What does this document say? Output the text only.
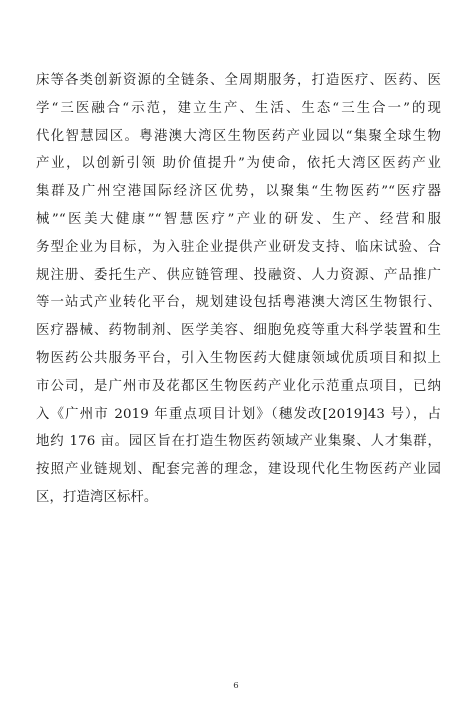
床等各类创新资源的全链条、全周期服务，打造医疗、医药、医
学“三医融合“示范，建立生产、生活、生态“三生合一”的现
代化智慧园区。粤港澳大湾区生物医药产业园以“集聚全球生物
产业，以创新引领 助价值提升”为使命，依托大湾区医药产业
集群及广州空港国际经济区优势，以聚集“生物医药”“医疗器
械”“医美大健康”“智慧医疗”产业的研发、生产、经营和服
务型企业为目标，为入驻企业提供产业研发支持、临床试验、合
规注册、委托生产、供应链管理、投融资、人力资源、产品推广
等一站式产业转化平台，规划建设包括粤港澳大湾区生物银行、
医疗器械、药物制剂、医学美容、细胞免疫等重大科学装置和生
物医药公共服务平台，引入生物医药大健康领域优质项目和拟上
市公司，是广州市及花都区生物医药产业化示范重点项目，已纳
入《广州市 2019 年重点项目计划》（穗发改[2019]43 号），占
地约 176 亩。园区旨在打造生物医药领域产业集聚、人才集群，
按照产业链规划、配套完善的理念，建设现代化生物医药产业园
区，打造湾区标杆。
6
